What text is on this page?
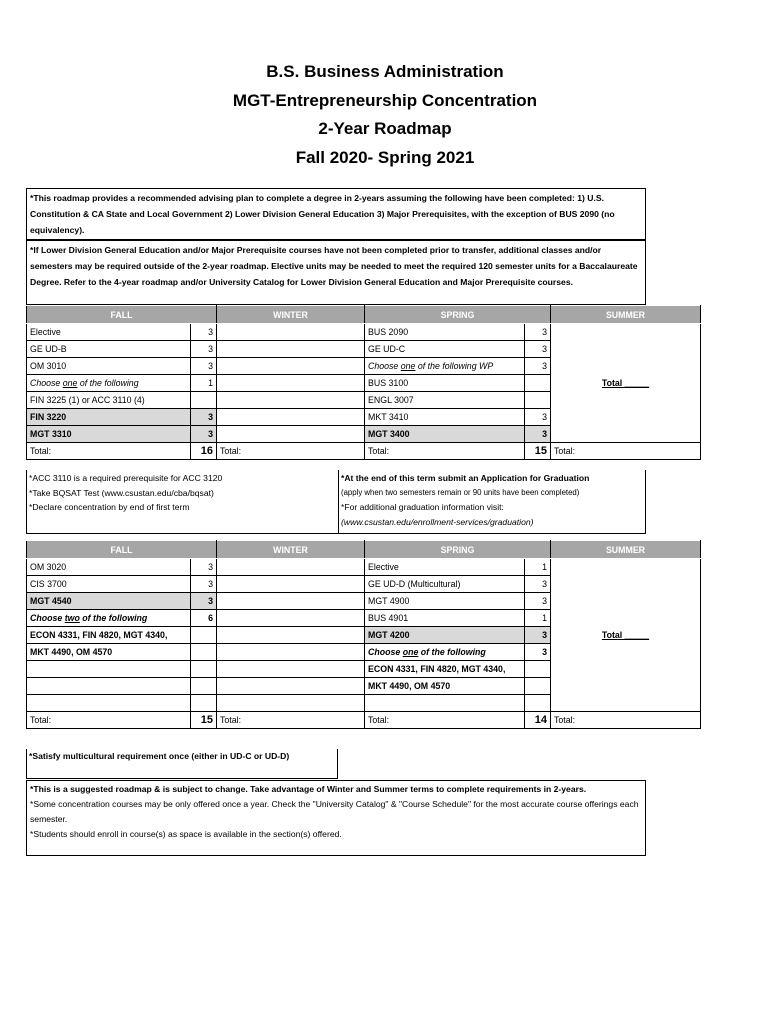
B.S. Business Administration
MGT-Entrepreneurship Concentration
2-Year Roadmap
Fall 2020- Spring 2021
*This roadmap provides a recommended advising plan to complete a degree in 2-years assuming the following have been completed: 1) U.S. Constitution & CA State and Local Government 2) Lower Division General Education 3) Major Prerequisites, with the exception of BUS 2090 (no equivalency).
*If Lower Division General Education and/or Major Prerequisite courses have not been completed prior to transfer, additional classes and/or semesters may be required outside of the 2-year roadmap. Elective units may be needed to meet the required 120 semester units for a Baccalaureate Degree. Refer to the 4-year roadmap and/or University Catalog for Lower Division General Education and Major Prerequisite courses.
FALL		WINTER	SPRING		SUMMER
Elective	3		BUS 2090	3	Total _____
GE UD-B	3		GE UD-C	3	
OM 3010	3		Choose one of the following WP	3	
Choose one of the following	1		BUS 3100		
FIN 3225 (1) or ACC 3110 (4)			ENGL 3007		
FIN 3220	3		MKT 3410	3	
MGT 3310	3		MGT 3400	3	
Total:	16	Total:	Total:	15	Total:
*ACC 3110 is a required prerequisite for ACC 3120
*Take BQSAT Test (www.csustan.edu/cba/bqsat)
*Declare concentration by end of first term
*At the end of this term submit an Application for Graduation
(apply when two semesters remain or 90 units have been completed)
*For additional graduation information visit:
(www.csustan.edu/enrollment-services/graduation)
FALL		WINTER	SPRING		SUMMER
OM 3020	3		Elective	1	Total _____
CIS 3700	3		GE UD-D (Multicultural)	3	
MGT 4540	3		MGT 4900	3	
Choose two of the following	6		BUS 4901	1	
ECON 4331, FIN 4820, MGT 4340,			MGT 4200	3	
MKT 4490, OM 4570			Choose one of the following	3	
			ECON 4331, FIN 4820, MGT 4340,		
			MKT 4490, OM 4570		

Total:	15	Total:	Total:	14	Total:
*Satisfy multicultural requirement once (either in UD-C or UD-D)
*This is a suggested roadmap & is subject to change. Take advantage of Winter and Summer terms to complete requirements in 2-years.
*Some concentration courses may be only offered once a year. Check the "University Catalog" & "Course Schedule" for the most accurate course offerings each semester.
*Students should enroll in course(s) as space is available in the section(s) offered.
